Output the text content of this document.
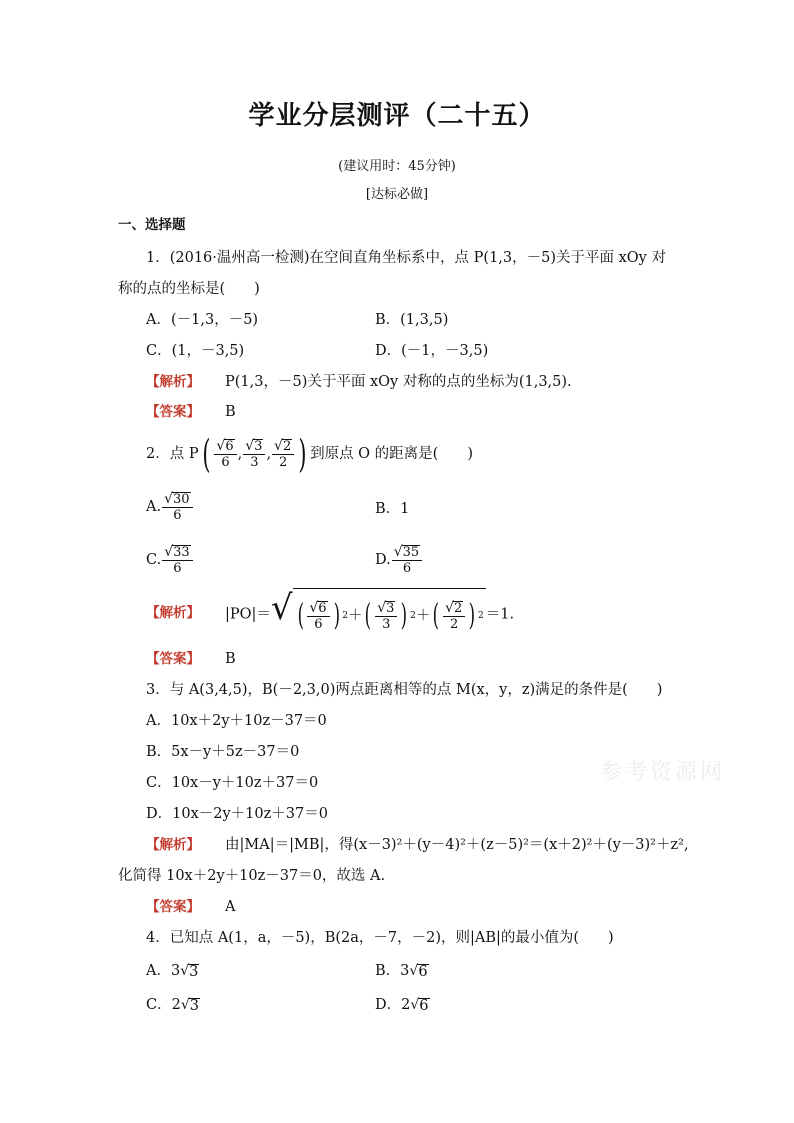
学业分层测评（二十五）
(建议用时：45分钟)
[达标必做]
一、选择题
1．(2016·温州高一检测)在空间直角坐标系中，点 P(1,3，－5)关于平面 xOy 对
称的点的坐标是(　　)
A．(－1,3，－5)	B．(1,3,5)
C．(1，－3,5)	D．(－1，－3,5)
【解析】 P(1,3，－5)关于平面 xOy 对称的点的坐标为(1,3,5).
【答案】 B
2．点 $P( \frac{√ 6}{6}$ , $\frac{√ 3}{3}$ , $\frac{√ 2}{2}$ ) 到原点 O 的距离是(　　)
A. $\frac{√ 30}{6}$	B．1
C. $\frac{√ 33}{6}$	D. $\frac{√ 35}{6}$
【解析】 |PO|＝ √ ( $\frac{√ 6}{6}$ ) 2 ＋ ( $\frac{√ 3}{3}$ ) 2 ＋ ( $\frac{√ 2}{2}$ ) 2 ＝1.
【答案】 B
3．与 A(3,4,5)，B(－2,3,0)两点距离相等的点 M(x，y，z)满足的条件是(　　)
A．10x＋2y＋10z－37＝0
B．5x－y＋5z－37＝0
C．10x－y＋10z＋37＝0
D．10x－2y＋10z＋37＝0
参考资源网
【解析】 由|MA|＝|MB|，得(x－3)²＋(y－4)²＋(z－5)²＝(x＋2)²＋(y－3)²＋z²,
化简得 10x＋2y＋10z－37＝0，故选 A.
【答案】 A
4．已知点 A(1，a，－5)，B(2a，－7，－2)，则|AB|的最小值为(　　)
A．3 √ 3	B．3 √ 6
C．2 √ 3	D．2 √ 6
